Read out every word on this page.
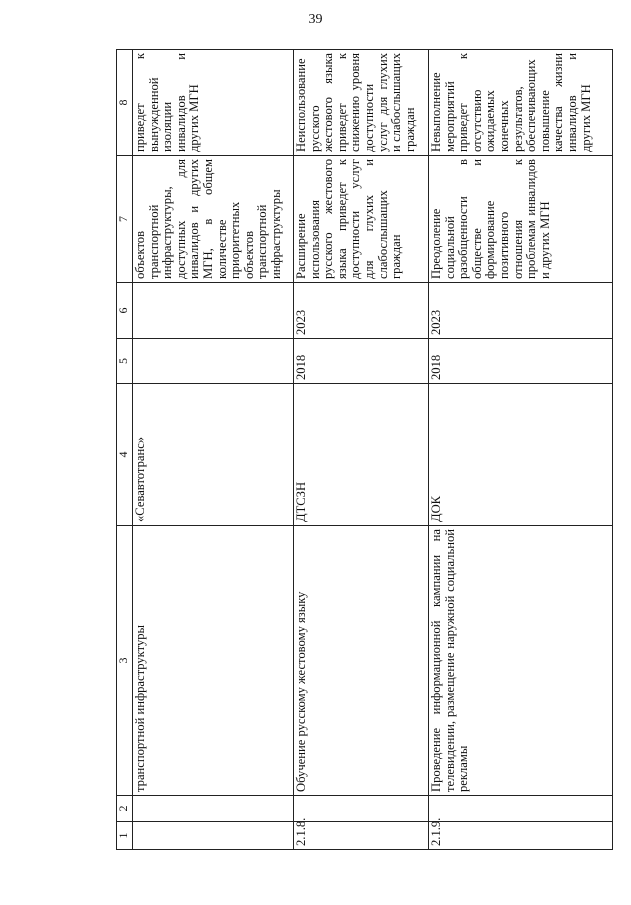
39
1	2	3	4	5	6	7	8
		транспортной инфраструктуры	«Севавтотранс»			объектов транспортной инфраструктуры, доступных для инвалидов и других МГН, в общем количестве приоритетных объектов транспортной инфраструктуры	приведет к вынужденной изоляции инвалидов и других МГН
2.1.8.		Обучение русскому жестовому языку	ДТСЗН	2018	2023	Расширение использования русского жестового языка приведет к доступности услуг для глухих и слабослышащих граждан	Неиспользование русского жестового языка приведет к снижению уровня доступности услуг для глухих и слабослышащих граждан
2.1.9.		Проведение информационной кампании на телевидении, размещение наружной социальной рекламы	ДОК	2018	2023	Преодоление социальной разобщенности в обществе и формирование позитивного отношения к проблемам инвалидов и других МГН	Невыполнение мероприятий приведет к отсутствию ожидаемых конечных результатов, обеспечивающих повышение качества жизни инвалидов и других МГН
